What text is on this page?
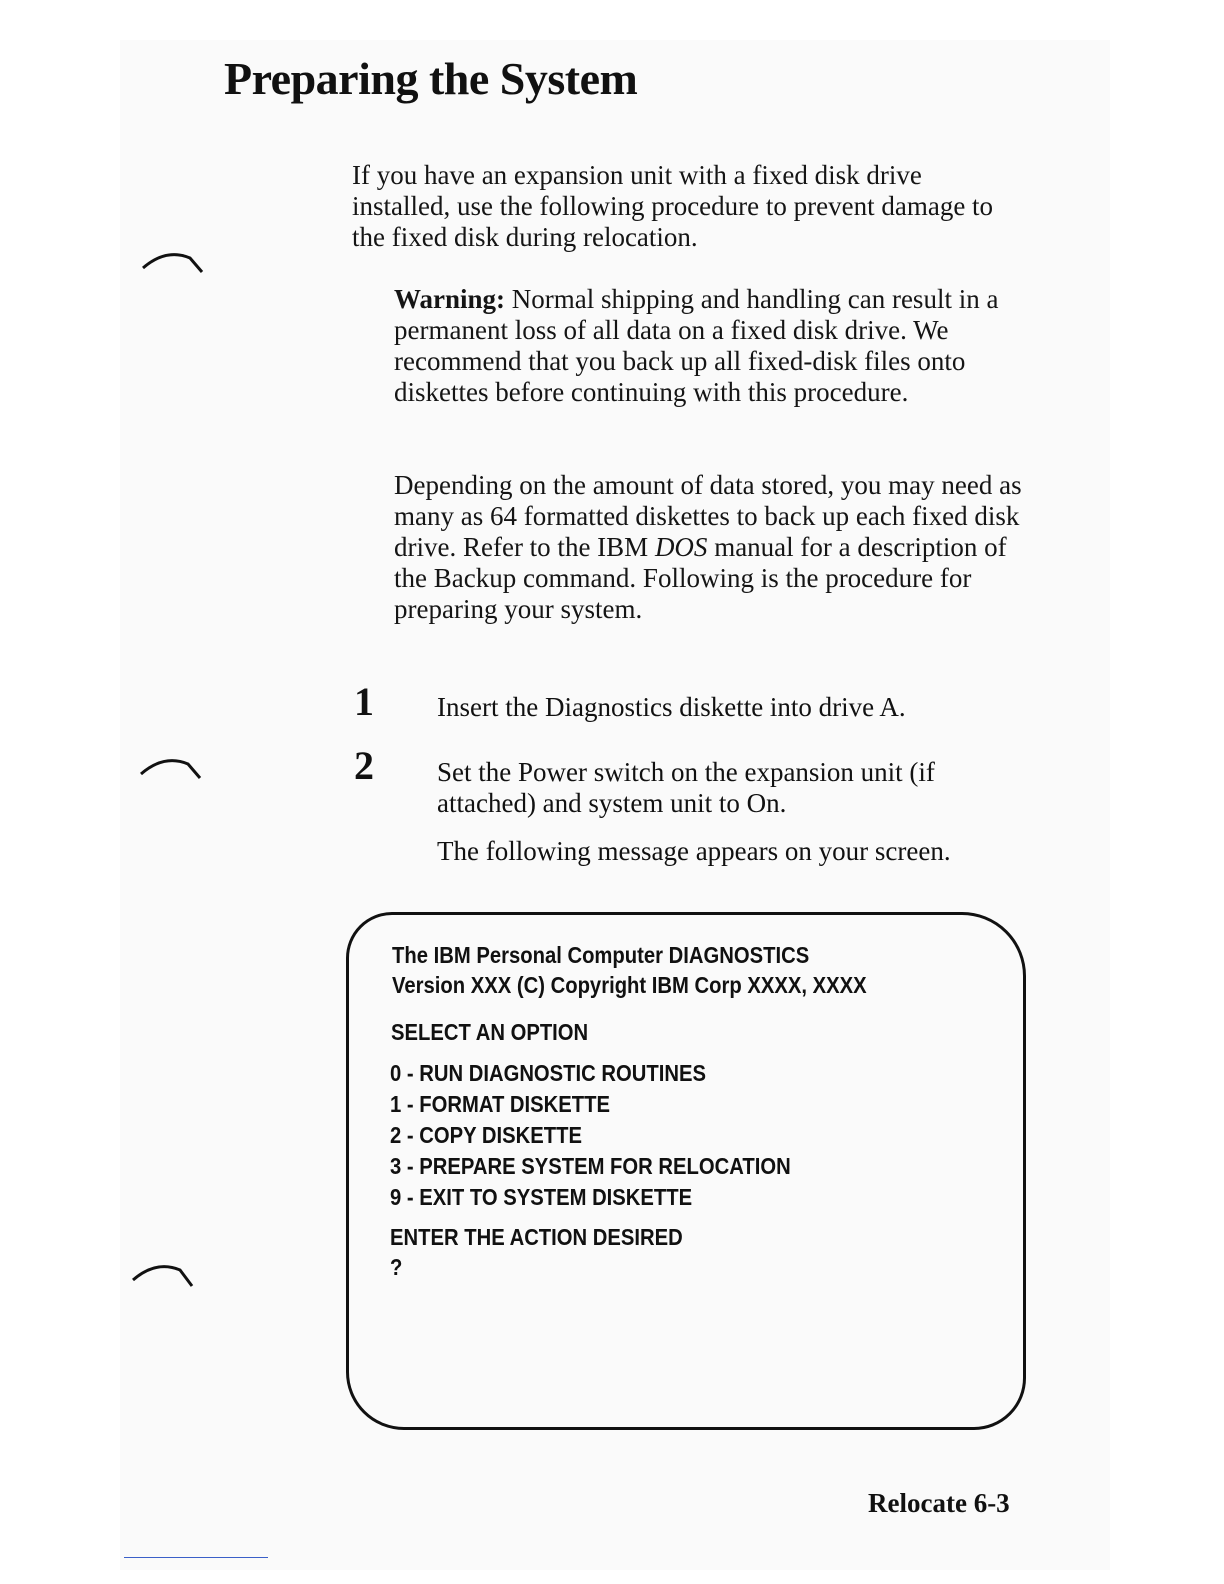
Preparing the System

If you have an expansion unit with a fixed disk drive installed, use the following procedure to prevent damage to the fixed disk during relocation.

Warning: Normal shipping and handling can result in a permanent loss of all data on a fixed disk drive. We recommend that you back up all fixed-disk files onto diskettes before continuing with this procedure.

Depending on the amount of data stored, you may need as many as 64 formatted diskettes to back up each fixed disk drive. Refer to the IBM DOS manual for a description of the Backup command. Following is the procedure for preparing your system.

1 Insert the Diagnostics diskette into drive A.

2 Set the Power switch on the expansion unit (if attached) and system unit to On.

The following message appears on your screen.

The IBM Personal Computer DIAGNOSTICS

Version XXX (C) Copyright IBM Corp XXXX, XXXX

SELECT AN OPTION

0 - RUN DIAGNOSTIC ROUTINES

1 - FORMAT DISKETTE

2 - COPY DISKETTE

3 - PREPARE SYSTEM FOR RELOCATION

9 - EXIT TO SYSTEM DISKETTE

ENTER THE ACTION DESIRED

?

Relocate 6-3
